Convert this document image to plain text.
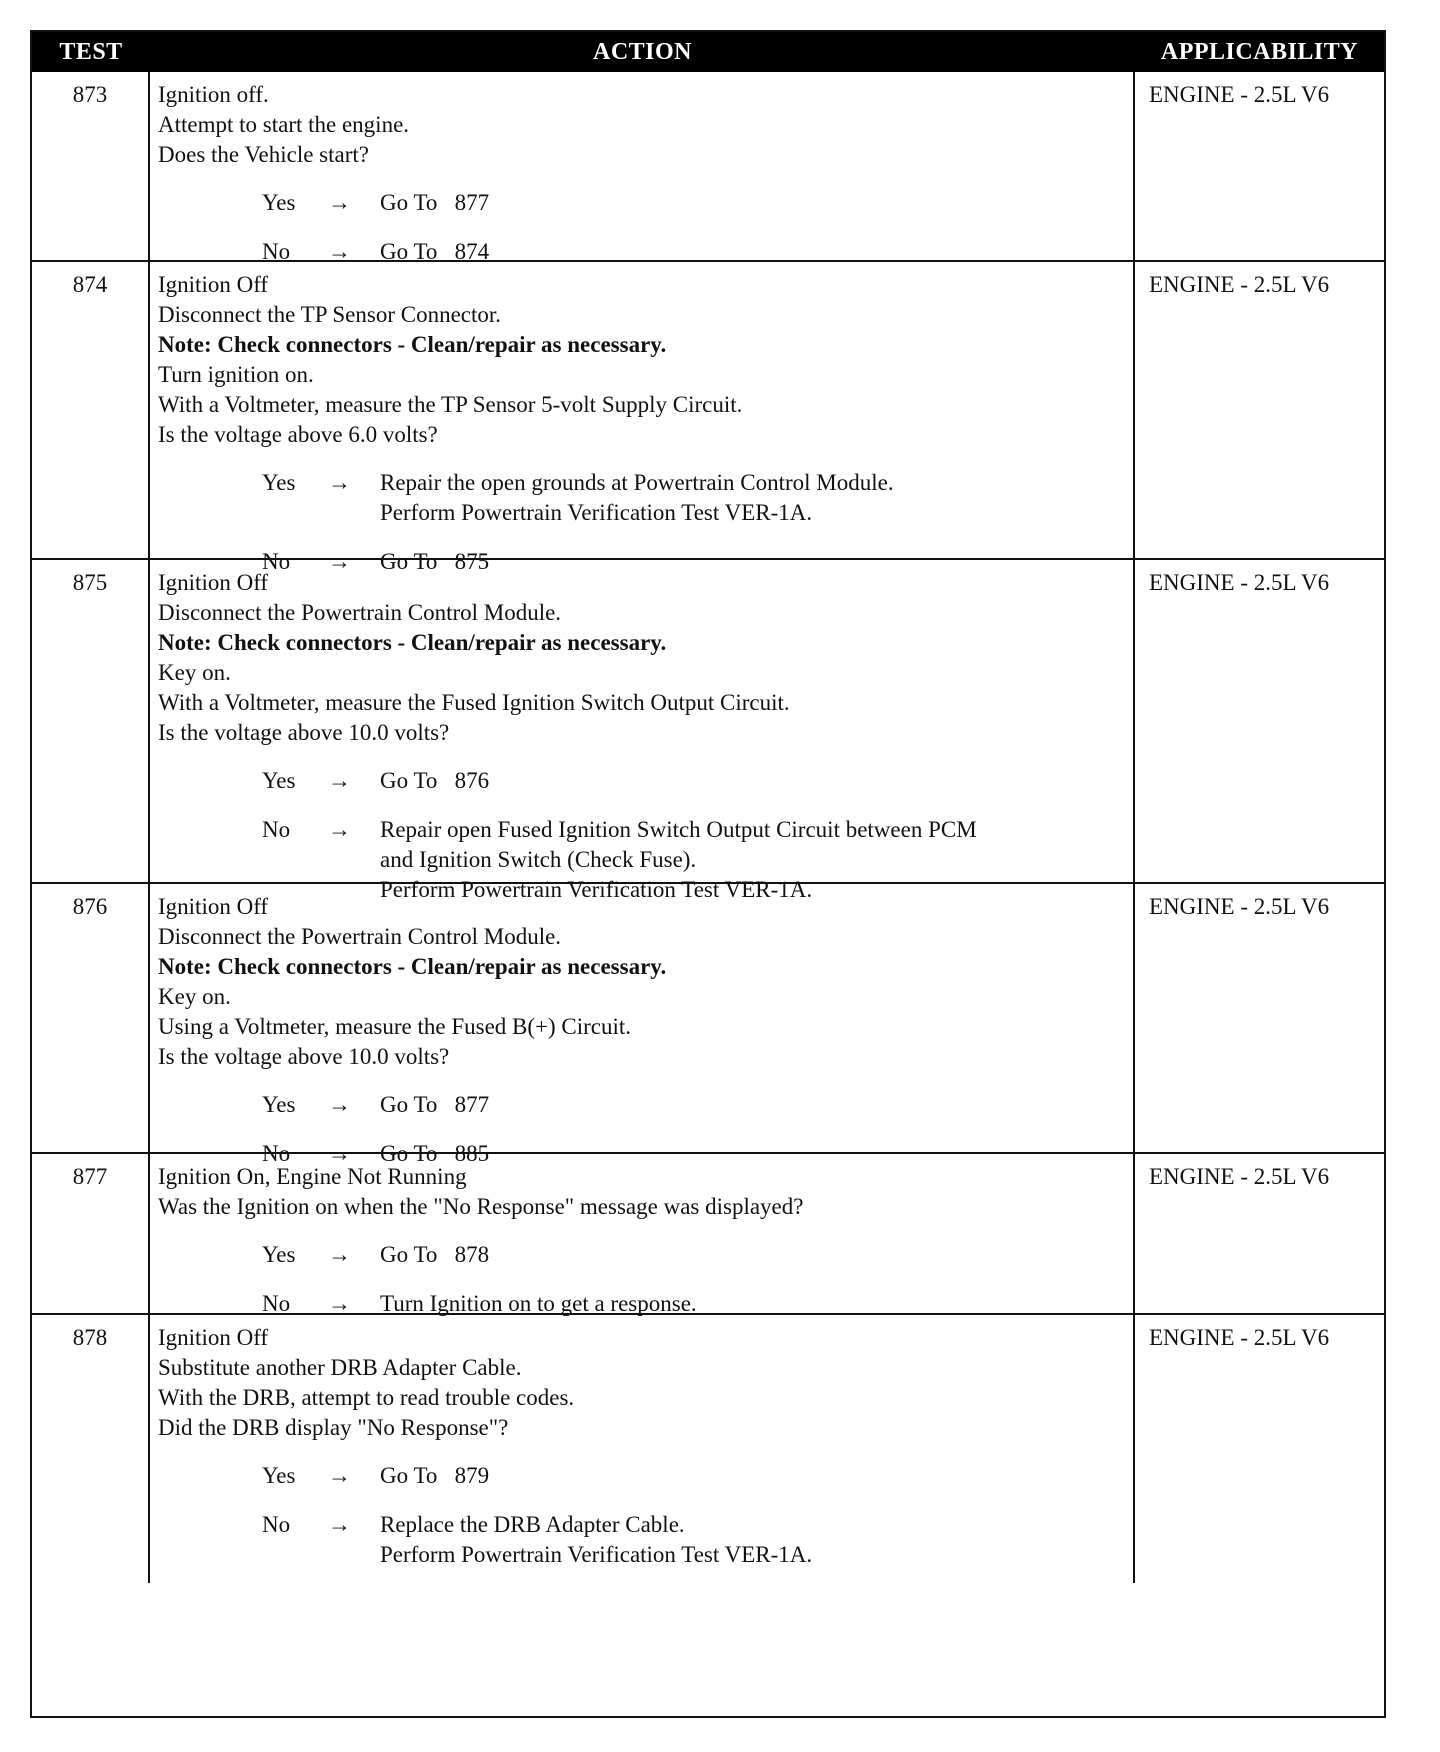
TEST	ACTION	APPLICABILITY
873	Ignition off.
Attempt to start the engine.
Does the Vehicle start?
Yes	→	Go To   877
No	→	Go To   874
ENGINE - 2.5L V6
874	Ignition Off
Disconnect the TP Sensor Connector.
Note: Check connectors - Clean/repair as necessary.
Turn ignition on.
With a Voltmeter, measure the TP Sensor 5-volt Supply Circuit.
Is the voltage above 6.0 volts?
Yes	→	Repair the open grounds at Powertrain Control Module.
Perform Powertrain Verification Test VER-1A.
No	→	Go To   875
ENGINE - 2.5L V6
875	Ignition Off
Disconnect the Powertrain Control Module.
Note: Check connectors - Clean/repair as necessary.
Key on.
With a Voltmeter, measure the Fused Ignition Switch Output Circuit.
Is the voltage above 10.0 volts?
Yes	→	Go To   876
No	→	Repair open Fused Ignition Switch Output Circuit between PCM
and Ignition Switch (Check Fuse).
Perform Powertrain Verification Test VER-1A.
ENGINE - 2.5L V6
876	Ignition Off
Disconnect the Powertrain Control Module.
Note: Check connectors - Clean/repair as necessary.
Key on.
Using a Voltmeter, measure the Fused B(+) Circuit.
Is the voltage above 10.0 volts?
Yes	→	Go To   877
No	→	Go To   885
ENGINE - 2.5L V6
877	Ignition On, Engine Not Running
Was the Ignition on when the "No Response" message was displayed?
Yes	→	Go To   878
No	→	Turn Ignition on to get a response.
ENGINE - 2.5L V6
878	Ignition Off
Substitute another DRB Adapter Cable.
With the DRB, attempt to read trouble codes.
Did the DRB display "No Response"?
Yes	→	Go To   879
No	→	Replace the DRB Adapter Cable.
Perform Powertrain Verification Test VER-1A.
ENGINE - 2.5L V6
